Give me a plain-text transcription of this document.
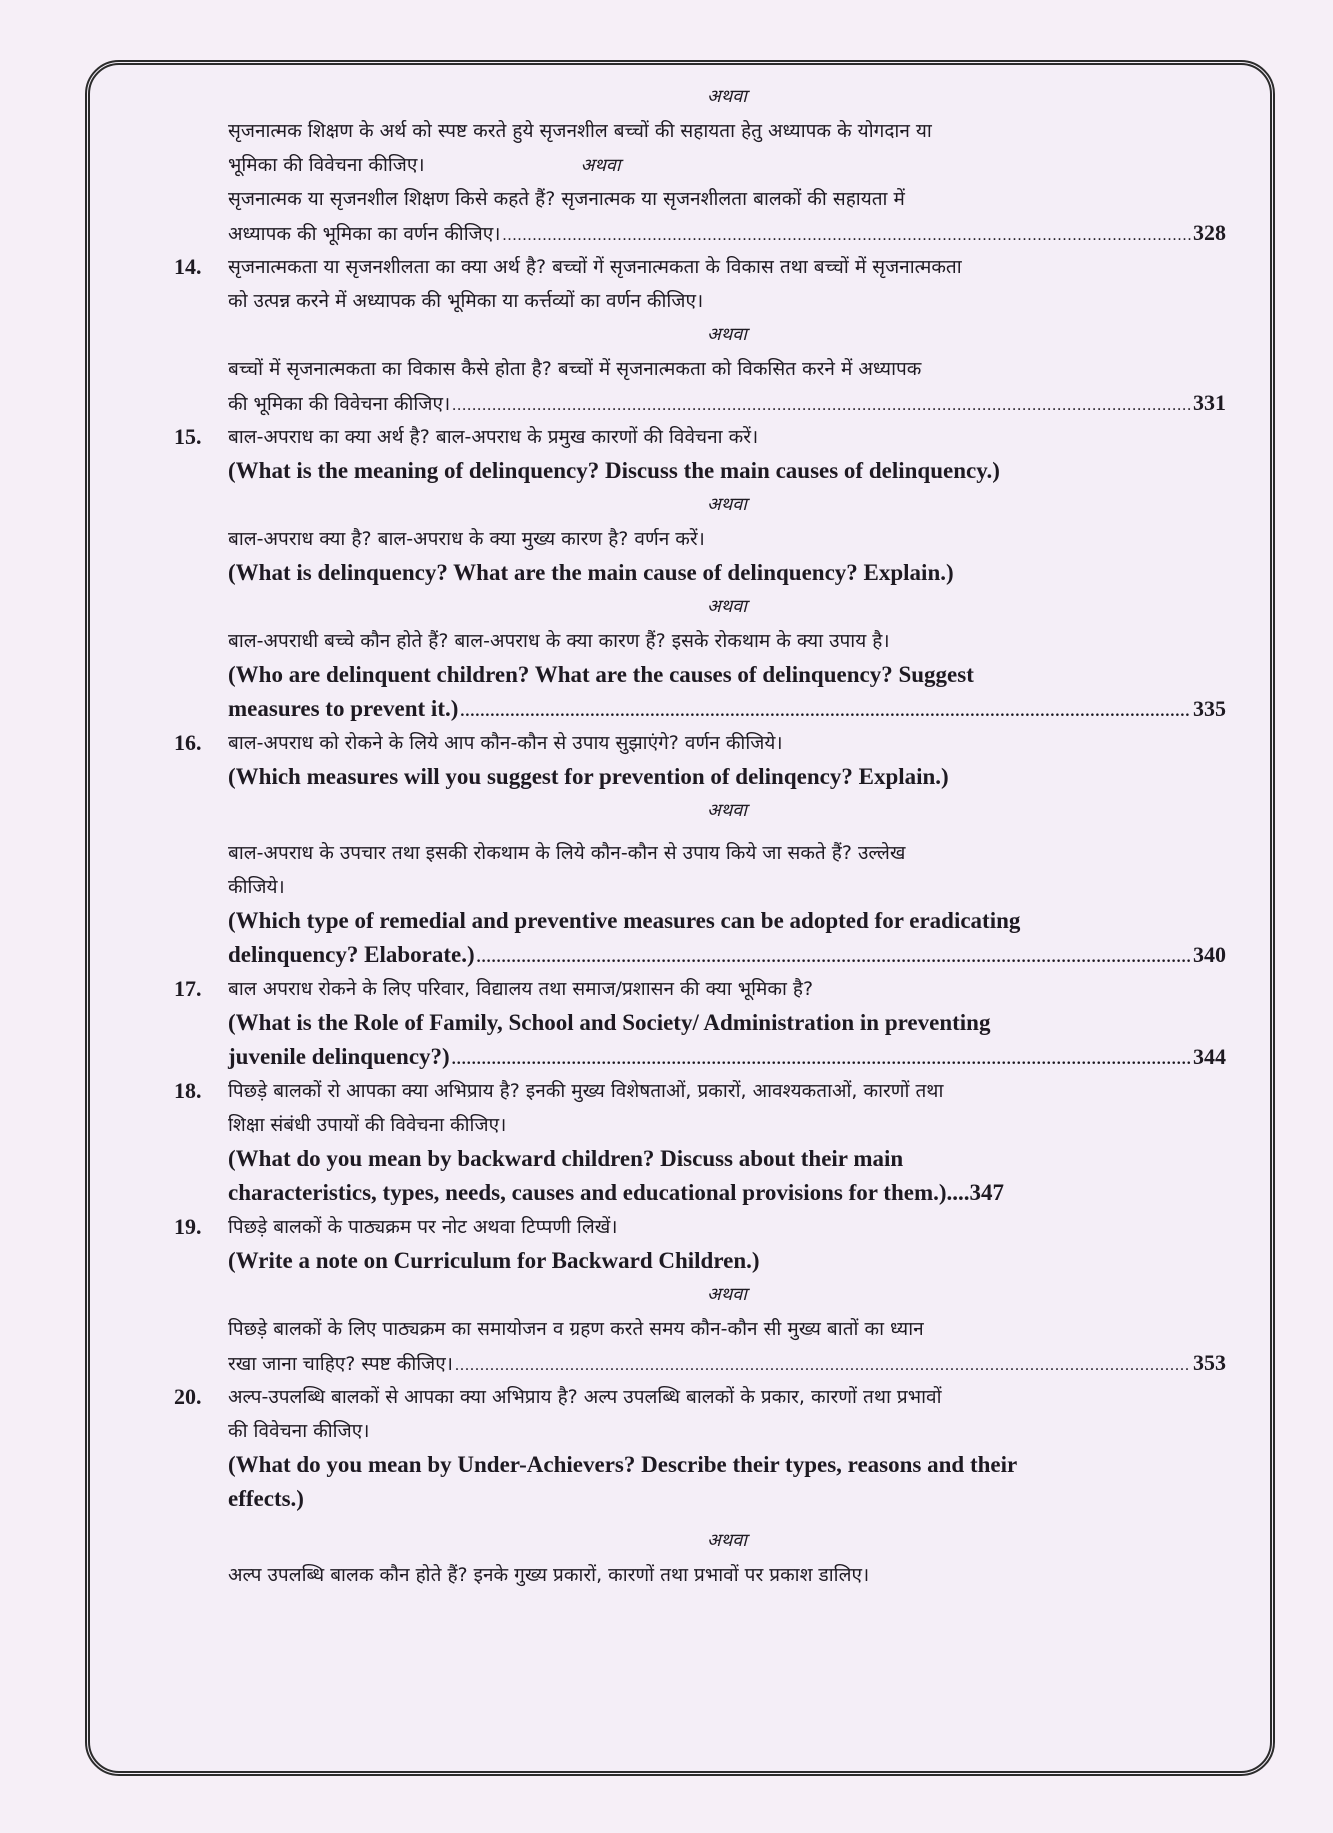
अथवा
सृजनात्मक शिक्षण के अर्थ को स्पष्ट करते हुये सृजनशील बच्चों की सहायता हेतु अध्यापक के योगदान या
भूमिका की विवेचना कीजिए।	अथवा
सृजनात्मक या सृजनशील शिक्षण किसे कहते हैं? सृजनात्मक या सृजनशीलता बालकों की सहायता में
अध्यापक की भूमिका का वर्णन कीजिए। .....	328
14. सृजनात्मकता या सृजनशीलता का क्या अर्थ है? बच्चों गें सृजनात्मकता के विकास तथा बच्चों में सृजनात्मकता
को उत्पन्न करने में अध्यापक की भूमिका या कर्त्तव्यों का वर्णन कीजिए।
अथवा
बच्चों में सृजनात्मकता का विकास कैसे होता है? बच्चों में सृजनात्मकता को विकसित करने में अध्यापक
की भूमिका की विवेचना कीजिए। .....	331
15. बाल-अपराध का क्या अर्थ है? बाल-अपराध के प्रमुख कारणों की विवेचना करें।
(What is the meaning of delinquency? Discuss the main causes of delinquency.)
अथवा
बाल-अपराध क्या है? बाल-अपराध के क्या मुख्य कारण है? वर्णन करें।
(What is delinquency? What are the main cause of delinquency? Explain.)
अथवा
बाल-अपराधी बच्चे कौन होते हैं? बाल-अपराध के क्या कारण हैं? इसके रोकथाम के क्या उपाय है।
(Who are delinquent children? What are the causes of delinquency? Suggest
measures to prevent it.) .....	335
16. बाल-अपराध को रोकने के लिये आप कौन-कौन से उपाय सुझाएंगे? वर्णन कीजिये।
(Which measures will you suggest for prevention of delinqency? Explain.)
अथवा
बाल-अपराध के उपचार तथा इसकी रोकथाम के लिये कौन-कौन से उपाय किये जा सकते हैं? उल्लेख
कीजिये।
(Which type of remedial and preventive measures can be adopted for eradicating
delinquency? Elaborate.) .....	340
17. बाल अपराध रोकने के लिए परिवार, विद्यालय तथा समाज/प्रशासन की क्या भूमिका है?
(What is the Role of Family, School and Society/ Administration in preventing
juvenile delinquency?) .....	344
18. पिछड़े बालकों रो आपका क्या अभिप्राय है? इनकी मुख्य विशेषताओं, प्रकारों, आवश्यकताओं, कारणों तथा
शिक्षा संबंधी उपायों की विवेचना कीजिए।
(What do you mean by backward children? Discuss about their main
characteristics, types, needs, causes and educational provisions for them.)....347
19. पिछड़े बालकों के पाठ्यक्रम पर नोट अथवा टिप्पणी लिखें।
(Write a note on Curriculum for Backward Children.)
अथवा
पिछड़े बालकों के लिए पाठ्यक्रम का समायोजन व ग्रहण करते समय कौन-कौन सी मुख्य बातों का ध्यान
रखा जाना चाहिए? स्पष्ट कीजिए। .....	353
20. अल्प-उपलब्धि बालकों से आपका क्या अभिप्राय है? अल्प उपलब्धि बालकों के प्रकार, कारणों तथा प्रभावों
की विवेचना कीजिए।
(What do you mean by Under-Achievers? Describe their types, reasons and their
effects.)
अथवा
अल्प उपलब्धि बालक कौन होते हैं? इनके गुख्य प्रकारों, कारणों तथा प्रभावों पर प्रकाश डालिए।
